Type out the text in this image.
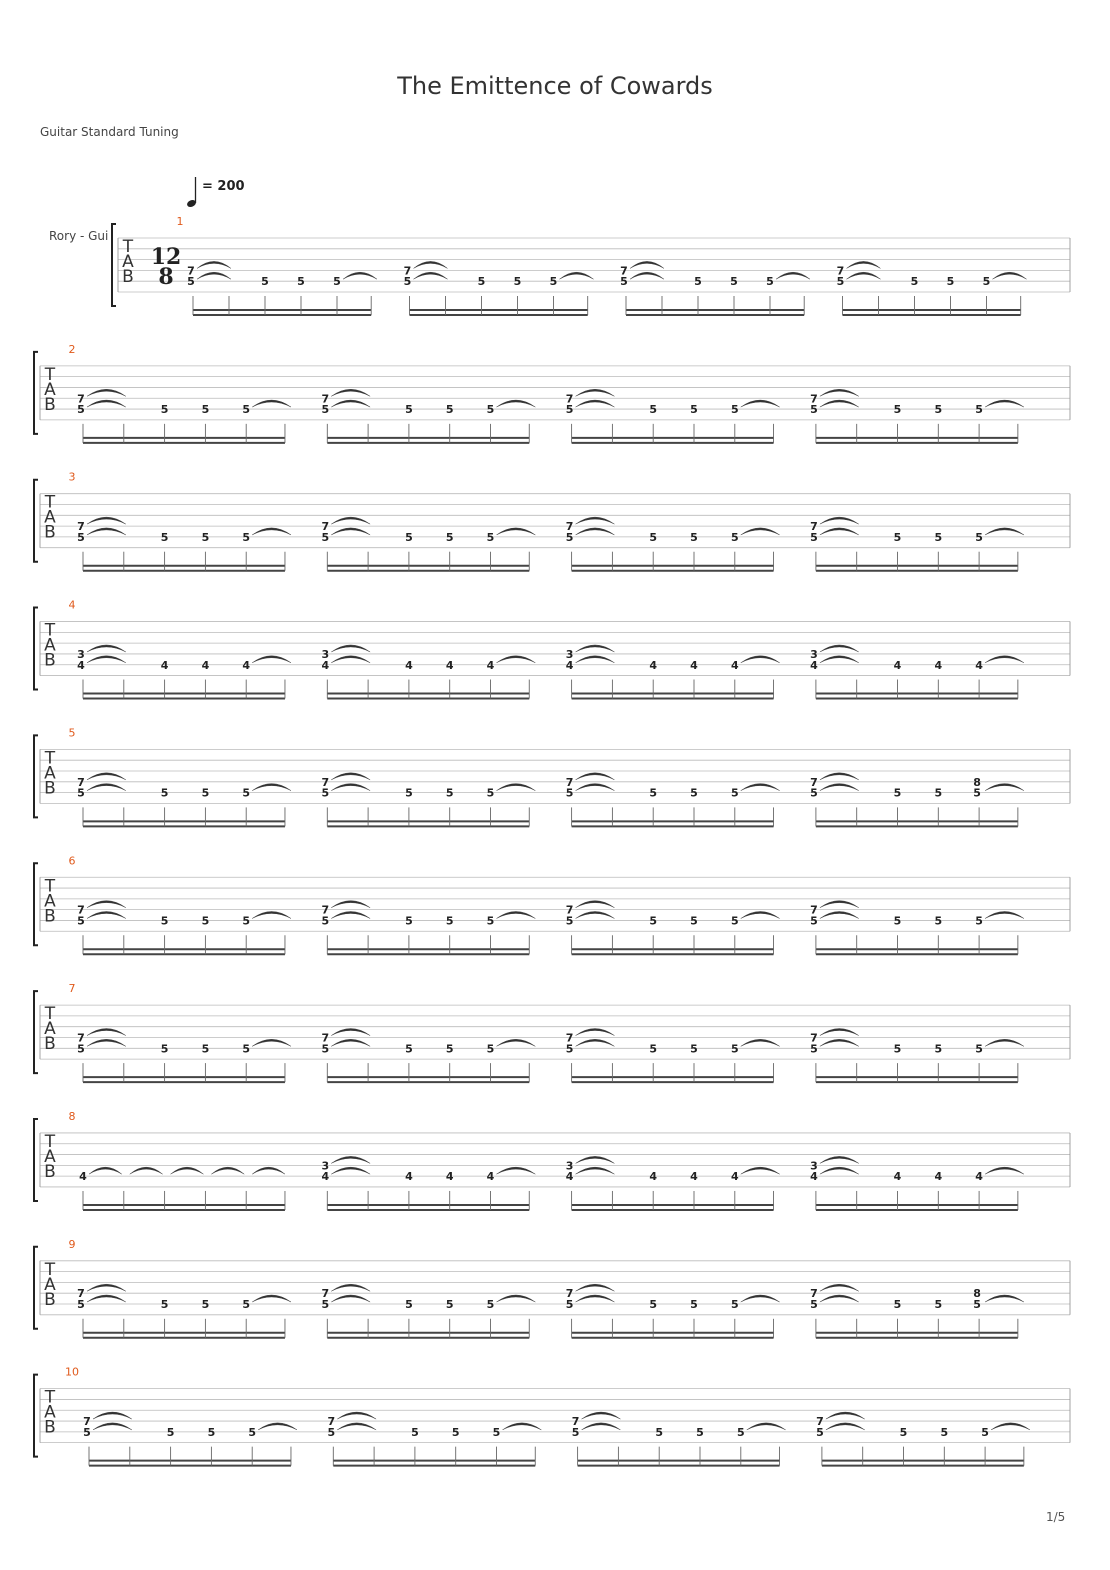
The Emittence of Cowards
Guitar Standard Tuning
= 200
1/5
T
A
B
1
Rory - Gui
12
8 7
5	5	5	5
7
5	5	5	5
7
5	5	5	5
7
5	5	5	5
T
A
B
2
7
5	5	5	5
7
5	5	5	5
7
5	5	5	5
7
5	5	5	5
T
A
B
3
7
5	5	5	5
7
5	5	5	5
7
5	5	5	5
7
5	5	5	5
T
A
B
4
3
4	4	4	4
3
4	4	4	4
3
4	4	4	4
3
4	4	4	4
T
A
B
5
7
5	5	5	5
7
5	5	5	5
7
5	5	5	5
7
5	5	5
8
5
T
A
B
6
7
5	5	5	5
7
5	5	5	5
7
5	5	5	5
7
5	5	5	5
T
A
B
7
7
5	5	5	5
7
5	5	5	5
7
5	5	5	5
7
5	5	5	5
T
A
B
8
4
3
4	4	4	4
3
4	4	4	4
3
4	4	4	4
T
A
B
9
7
5	5	5	5
7
5	5	5	5
7
5	5	5	5
7
5	5	5
8
5
T
A
B
10
7
5	5	5	5
7
5	5	5	5
7
5	5	5	5
7
5	5	5	5
